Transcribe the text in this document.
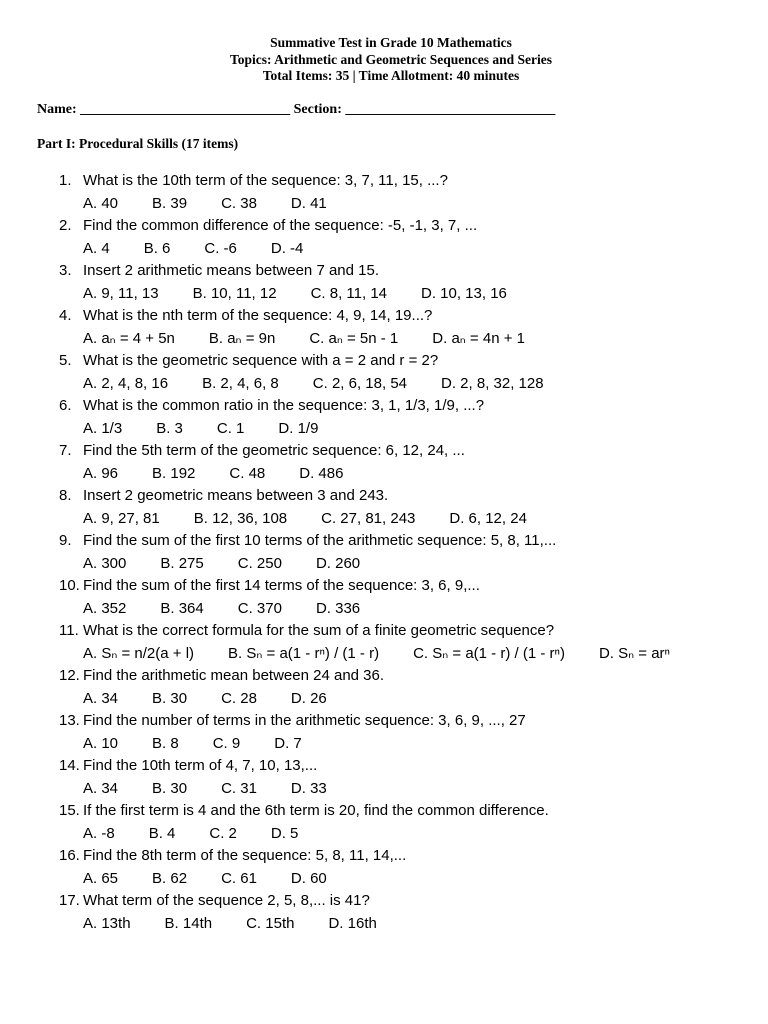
Summative Test in Grade 10 Mathematics
Topics: Arithmetic and Geometric Sequences and Series
Total Items: 35 | Time Allotment: 40 minutes
Name: ______________________________ Section: ______________________________
Part I: Procedural Skills (17 items)
1. What is the 10th term of the sequence: 3, 7, 11, 15, ...?
A. 40 B. 39 C. 38 D. 41
2. Find the common difference of the sequence: -5, -1, 3, 7, ...
A. 4 B. 6 C. -6 D. -4
3. Insert 2 arithmetic means between 7 and 15.
A. 9, 11, 13 B. 10, 11, 12 C. 8, 11, 14 D. 10, 13, 16
4. What is the nth term of the sequence: 4, 9, 14, 19...?
A. aₙ = 4 + 5n B. aₙ = 9n C. aₙ = 5n - 1 D. aₙ = 4n + 1
5. What is the geometric sequence with a = 2 and r = 2?
A. 2, 4, 8, 16 B. 2, 4, 6, 8 C. 2, 6, 18, 54 D. 2, 8, 32, 128
6. What is the common ratio in the sequence: 3, 1, 1/3, 1/9, ...?
A. 1/3 B. 3 C. 1 D. 1/9
7. Find the 5th term of the geometric sequence: 6, 12, 24, ...
A. 96 B. 192 C. 48 D. 486
8. Insert 2 geometric means between 3 and 243.
A. 9, 27, 81 B. 12, 36, 108 C. 27, 81, 243 D. 6, 12, 24
9. Find the sum of the first 10 terms of the arithmetic sequence: 5, 8, 11,...
A. 300 B. 275 C. 250 D. 260
10. Find the sum of the first 14 terms of the sequence: 3, 6, 9,...
A. 352 B. 364 C. 370 D. 336
11. What is the correct formula for the sum of a finite geometric sequence?
A. Sₙ = n/2(a + l) B. Sₙ = a(1 - rⁿ) / (1 - r) C. Sₙ = a(1 - r) / (1 - rⁿ) D. Sₙ = arⁿ
12. Find the arithmetic mean between 24 and 36.
A. 34 B. 30 C. 28 D. 26
13. Find the number of terms in the arithmetic sequence: 3, 6, 9, ..., 27
A. 10 B. 8 C. 9 D. 7
14. Find the 10th term of 4, 7, 10, 13,...
A. 34 B. 30 C. 31 D. 33
15. If the first term is 4 and the 6th term is 20, find the common difference.
A. -8 B. 4 C. 2 D. 5
16. Find the 8th term of the sequence: 5, 8, 11, 14,...
A. 65 B. 62 C. 61 D. 60
17. What term of the sequence 2, 5, 8,... is 41?
A. 13th B. 14th C. 15th D. 16th
